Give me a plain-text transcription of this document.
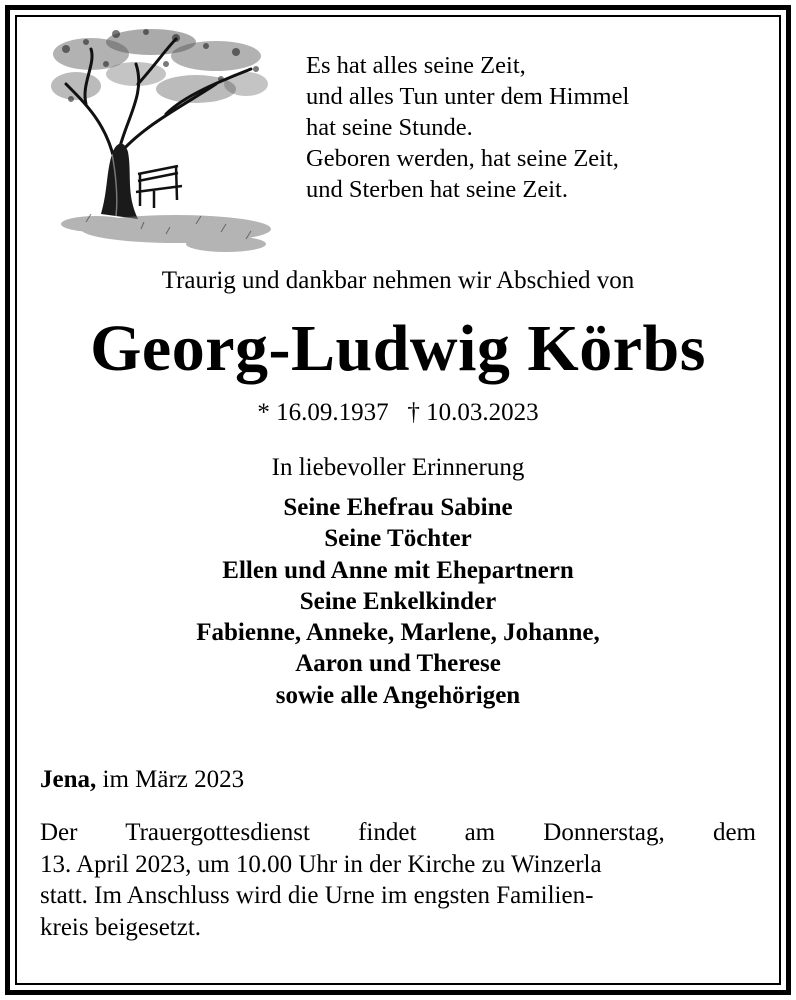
Es hat alles seine Zeit,
und alles Tun unter dem Himmel
hat seine Stunde.
Geboren werden, hat seine Zeit,
und Sterben hat seine Zeit.
Traurig und dankbar nehmen wir Abschied von
Georg-Ludwig Körbs
* 16.09.1937 † 10.03.2023
In liebevoller Erinnerung
Seine Ehefrau Sabine
Seine Töchter
Ellen und Anne mit Ehepartnern
Seine Enkelkinder
Fabienne, Anneke, Marlene, Johanne,
Aaron und Therese
sowie alle Angehörigen
Jena, im März 2023
Der Trauergottesdienst findet am Donnerstag, dem
13. April 2023, um 10.00 Uhr in der Kirche zu Winzerla
statt. Im Anschluss wird die Urne im engsten Familien-
kreis beigesetzt.
